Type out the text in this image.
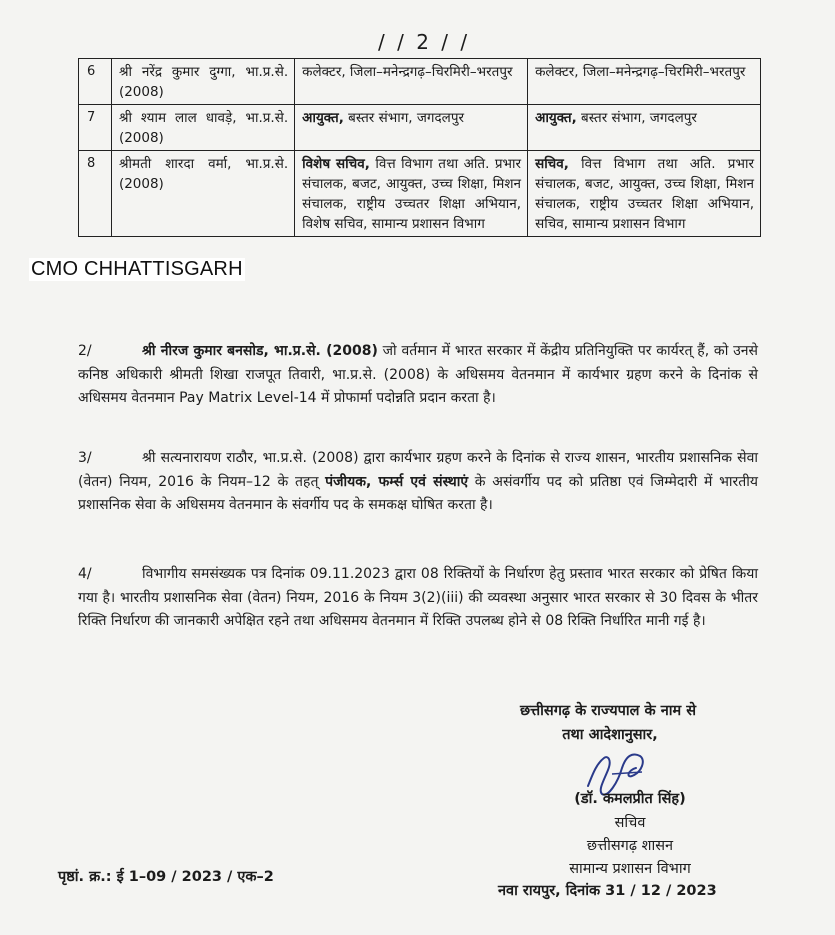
/ / 2 / /
6	श्री नरेंद्र कुमार दुग्गा, भा.प्र.से. (2008)	कलेक्टर, जिला–मनेन्द्रगढ़–चिरमिरी–भरतपुर	कलेक्टर, जिला–मनेन्द्रगढ़–चिरमिरी–भरतपुर
7	श्री श्याम लाल धावड़े, भा.प्र.से. (2008)	आयुक्त, बस्तर संभाग, जगदलपुर	आयुक्त, बस्तर संभाग, जगदलपुर
8	श्रीमती शारदा वर्मा, भा.प्र.से. (2008)	विशेष सचिव, वित्त विभाग तथा अति. प्रभार संचालक, बजट, आयुक्त, उच्च शिक्षा, मिशन संचालक, राष्ट्रीय उच्चतर शिक्षा अभियान, विशेष सचिव, सामान्य प्रशासन विभाग	सचिव, वित्त विभाग तथा अति. प्रभार संचालक, बजट, आयुक्त, उच्च शिक्षा, मिशन संचालक, राष्ट्रीय उच्चतर शिक्षा अभियान, सचिव, सामान्य प्रशासन विभाग
CMO CHHATTISGARH
2/	श्री नीरज कुमार बनसोड, भा.प्र.से. (2008) जो वर्तमान में भारत सरकार में केंद्रीय प्रतिनियुक्ति पर कार्यरत् हैं, को उनसे कनिष्ठ अधिकारी श्रीमती शिखा राजपूत तिवारी, भा.प्र.से. (2008) के अधिसमय वेतनमान में कार्यभार ग्रहण करने के दिनांक से अधिसमय वेतनमान Pay Matrix Level-14 में प्रोफार्मा पदोन्नति प्रदान करता है।
3/	श्री सत्यनारायण राठौर, भा.प्र.से. (2008) द्वारा कार्यभार ग्रहण करने के दिनांक से राज्य शासन, भारतीय प्रशासनिक सेवा (वेतन) नियम, 2016 के नियम–12 के तहत् पंजीयक, फर्म्स एवं संस्थाएं के असंवर्गीय पद को प्रतिष्ठा एवं जिम्मेदारी में भारतीय प्रशासनिक सेवा के अधिसमय वेतनमान के संवर्गीय पद के समकक्ष घोषित करता है।
4/	विभागीय समसंख्यक पत्र दिनांक 09.11.2023 द्वारा 08 रिक्तियों के निर्धारण हेतु प्रस्ताव भारत सरकार को प्रेषित किया गया है। भारतीय प्रशासनिक सेवा (वेतन) नियम, 2016 के नियम 3(2)(iii) की व्यवस्था अनुसार भारत सरकार से 30 दिवस के भीतर रिक्ति निर्धारण की जानकारी अपेक्षित रहने तथा अधिसमय वेतनमान में रिक्ति उपलब्ध होने से 08 रिक्ति निर्धारित मानी गई है।
छत्तीसगढ़ के राज्यपाल के नाम से
तथा आदेशानुसार,
(डॉ. कमलप्रीत सिंह)
सचिव
छत्तीसगढ़ शासन
सामान्य प्रशासन विभाग
पृष्ठां. क्र.: ई 1–09 / 2023 / एक–2
नवा रायपुर, दिनांक 31 / 12 / 2023
